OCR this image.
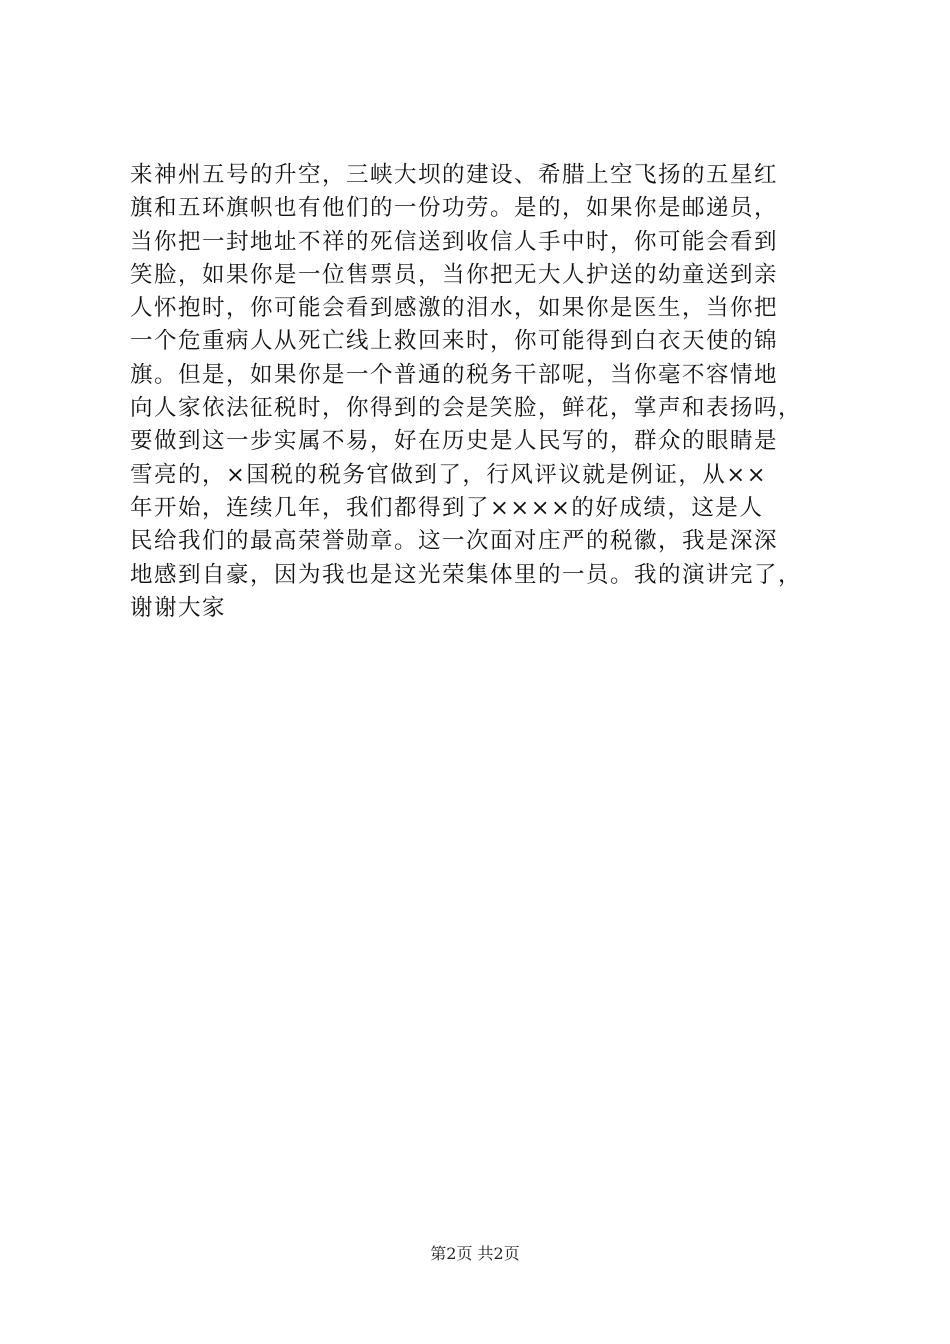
来神州五号的升空，三峡大坝的建设、希腊上空飞扬的五星红
旗和五环旗帜也有他们的一份功劳。是的，如果你是邮递员，
当你把一封地址不祥的死信送到收信人手中时，你可能会看到
笑脸，如果你是一位售票员，当你把无大人护送的幼童送到亲
人怀抱时，你可能会看到感激的泪水，如果你是医生，当你把
一个危重病人从死亡线上救回来时，你可能得到白衣天使的锦
旗。但是，如果你是一个普通的税务干部呢，当你毫不容情地
向人家依法征税时，你得到的会是笑脸，鲜花，掌声和表扬吗，
要做到这一步实属不易，好在历史是人民写的，群众的眼睛是
雪亮的，×国税的税务官做到了，行风评议就是例证，从××
年开始，连续几年，我们都得到了××××的好成绩，这是人
民给我们的最高荣誉勋章。这一次面对庄严的税徽，我是深深
地感到自豪，因为我也是这光荣集体里的一员。我的演讲完了，
谢谢大家
第2页 共2页
